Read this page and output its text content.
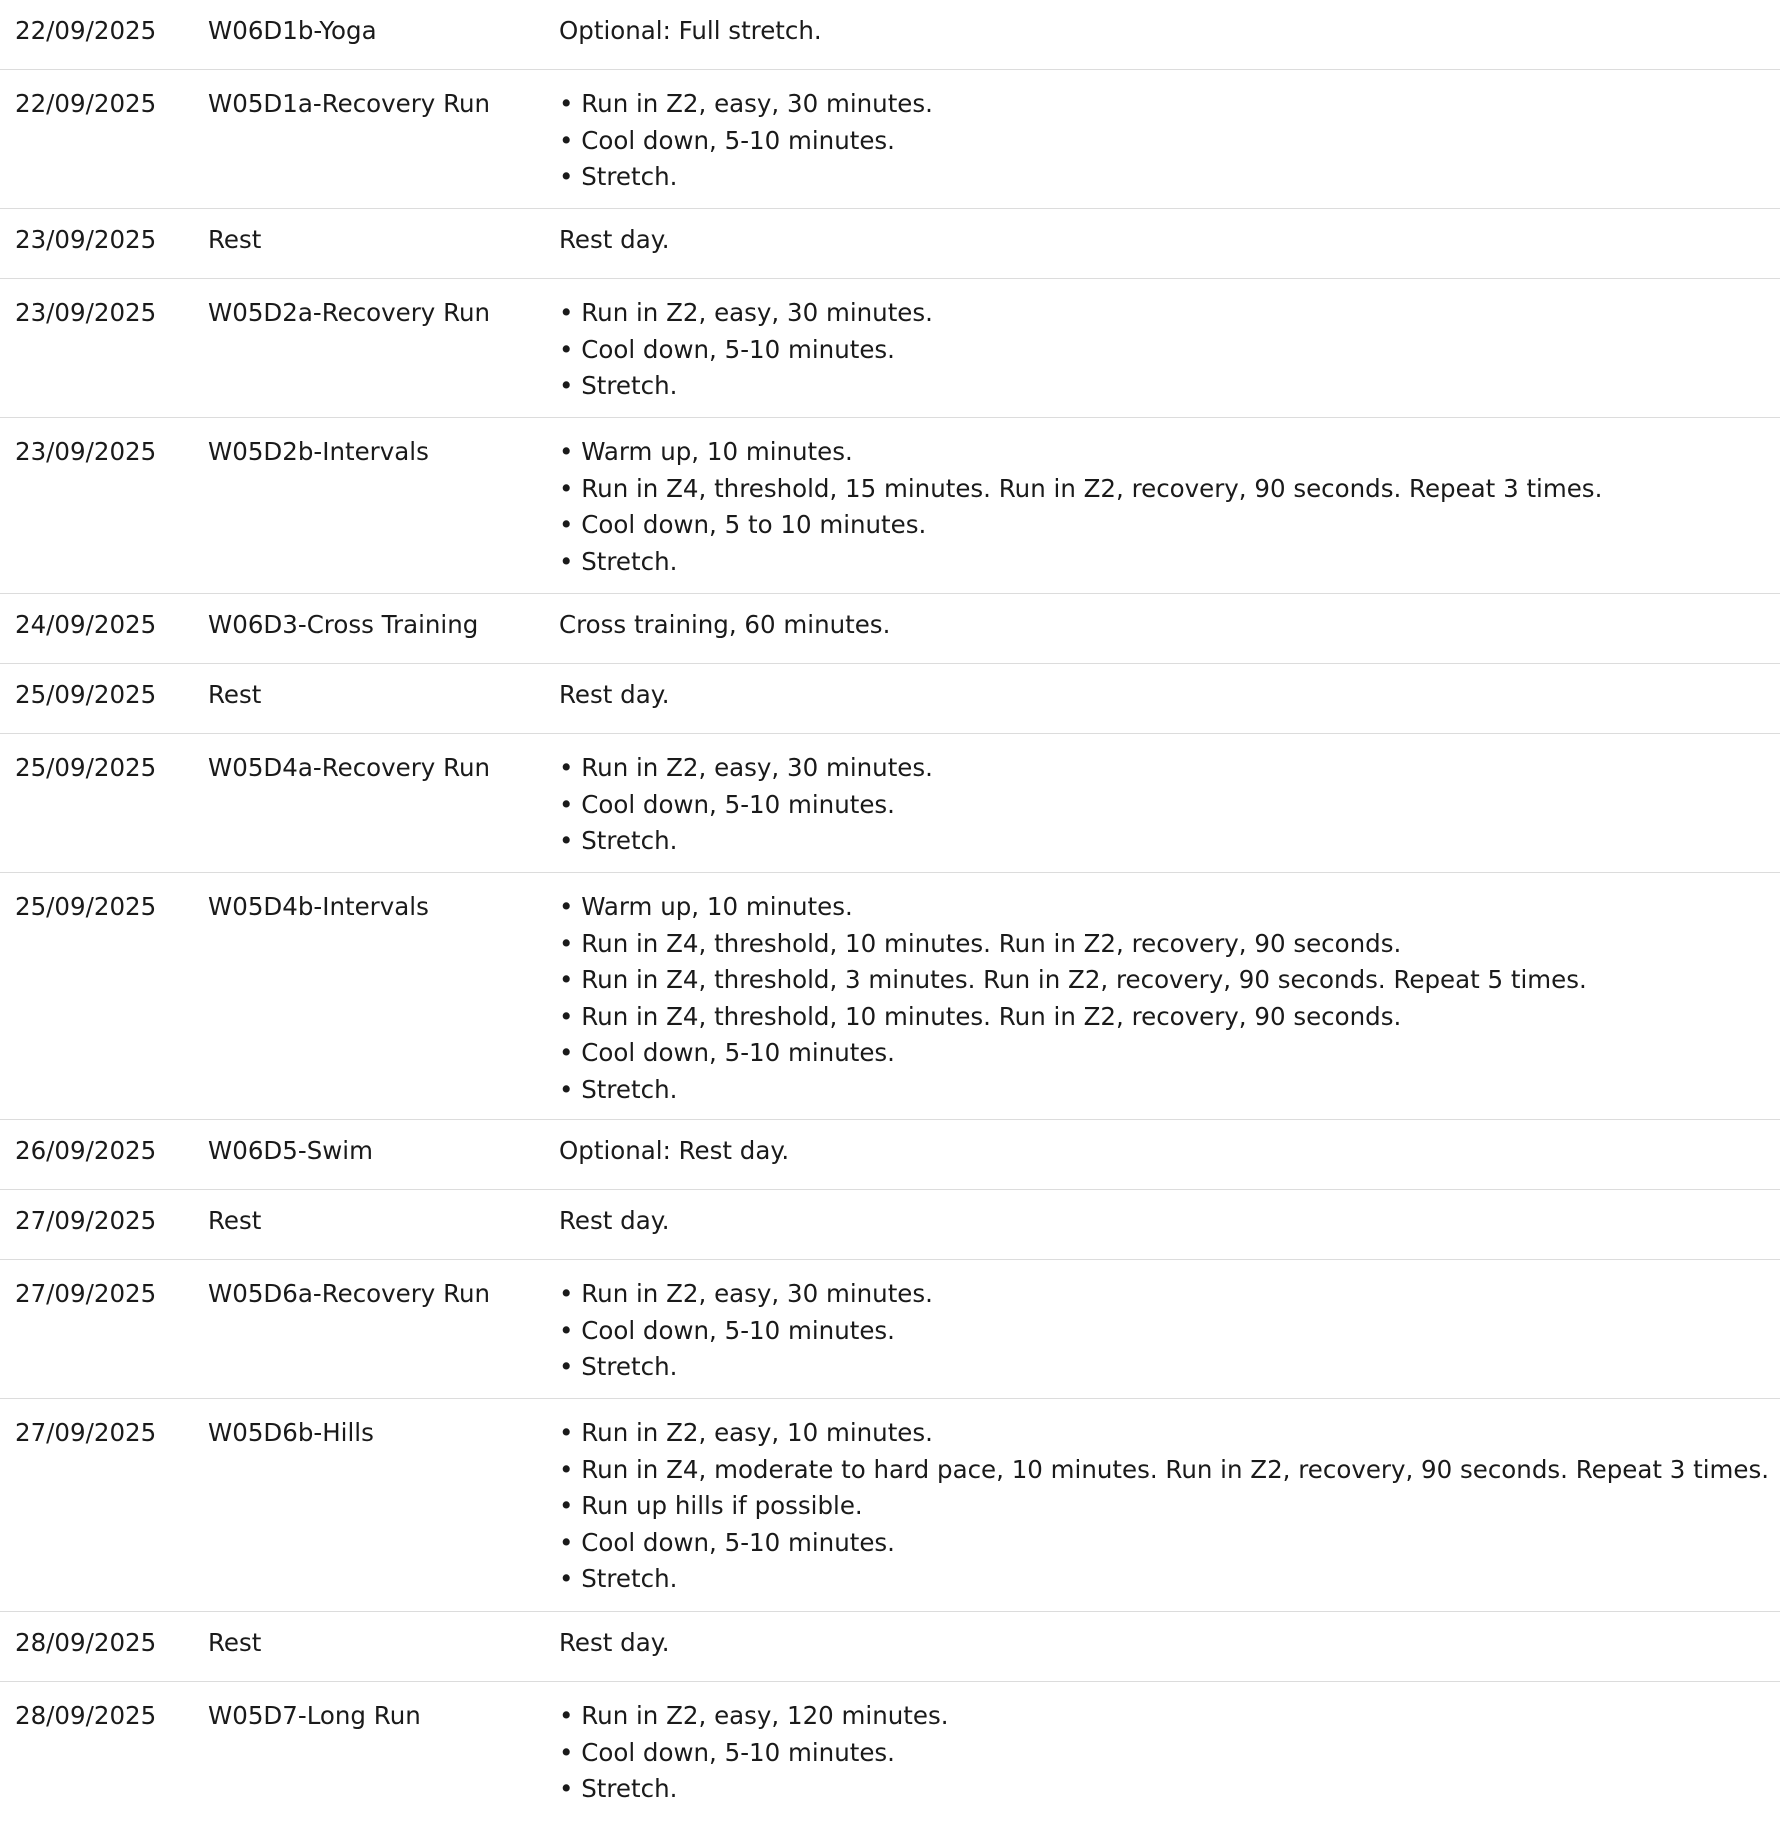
22/09/2025	W06D1b-Yoga	Optional: Full stretch.
22/09/2025	W05D1a-Recovery Run	• Run in Z2, easy, 30 minutes.
• Cool down, 5-10 minutes.
• Stretch.
23/09/2025	Rest	Rest day.
23/09/2025	W05D2a-Recovery Run	• Run in Z2, easy, 30 minutes.
• Cool down, 5-10 minutes.
• Stretch.
23/09/2025	W05D2b-Intervals	• Warm up, 10 minutes.
• Run in Z4, threshold, 15 minutes. Run in Z2, recovery, 90 seconds. Repeat 3 times.
• Cool down, 5 to 10 minutes.
• Stretch.
24/09/2025	W06D3-Cross Training	Cross training, 60 minutes.
25/09/2025	Rest	Rest day.
25/09/2025	W05D4a-Recovery Run	• Run in Z2, easy, 30 minutes.
• Cool down, 5-10 minutes.
• Stretch.
25/09/2025	W05D4b-Intervals	• Warm up, 10 minutes.
• Run in Z4, threshold, 10 minutes. Run in Z2, recovery, 90 seconds.
• Run in Z4, threshold, 3 minutes. Run in Z2, recovery, 90 seconds. Repeat 5 times.
• Run in Z4, threshold, 10 minutes. Run in Z2, recovery, 90 seconds.
• Cool down, 5-10 minutes.
• Stretch.
26/09/2025	W06D5-Swim	Optional: Rest day.
27/09/2025	Rest	Rest day.
27/09/2025	W05D6a-Recovery Run	• Run in Z2, easy, 30 minutes.
• Cool down, 5-10 minutes.
• Stretch.
27/09/2025	W05D6b-Hills	• Run in Z2, easy, 10 minutes.
• Run in Z4, moderate to hard pace, 10 minutes. Run in Z2, recovery, 90 seconds. Repeat 3 times.
• Run up hills if possible.
• Cool down, 5-10 minutes.
• Stretch.
28/09/2025	Rest	Rest day.
28/09/2025	W05D7-Long Run	• Run in Z2, easy, 120 minutes.
• Cool down, 5-10 minutes.
• Stretch.
